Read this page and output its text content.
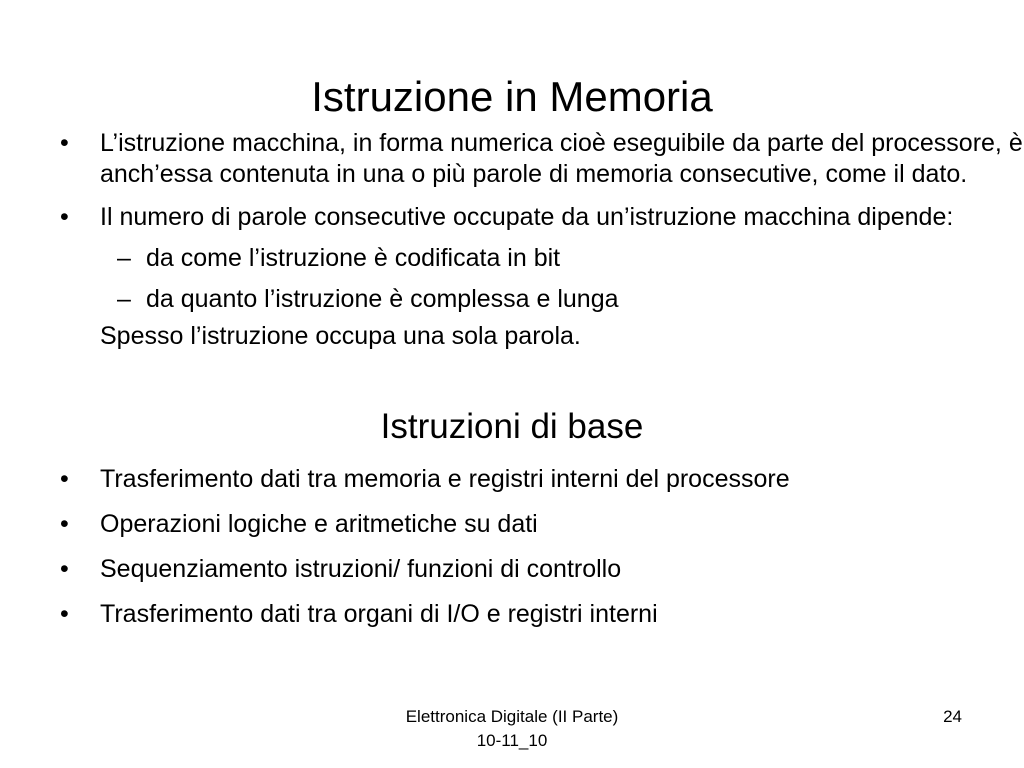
Istruzione in Memoria
• L’istruzione macchina, in forma numerica cioè eseguibile da parte del processore, è anch’essa contenuta in una o più parole di memoria consecutive, come il dato.
• Il numero di parole consecutive occupate da un’istruzione macchina dipende:
– da come l’istruzione è codificata in bit
– da quanto l’istruzione è complessa e lunga
Spesso l’istruzione occupa una sola parola.
Istruzioni di base
• Trasferimento dati tra memoria e registri interni del processore
• Operazioni logiche e aritmetiche su dati
• Sequenziamento istruzioni/ funzioni di controllo
• Trasferimento dati tra organi di I/O e registri interni
Elettronica Digitale (II Parte)
10-11_10
24
